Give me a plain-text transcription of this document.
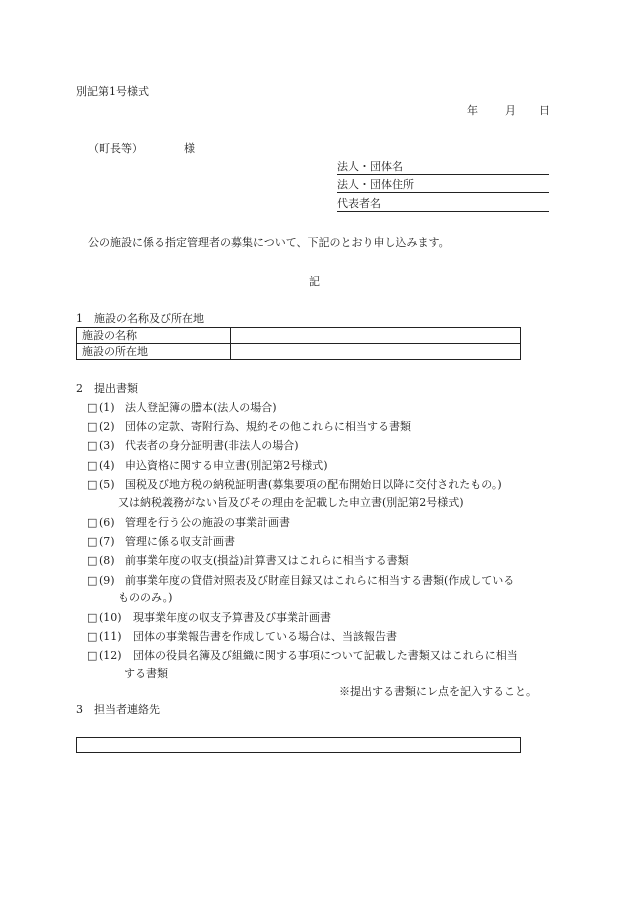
別記第1号様式
年 月 日
（町長等）	様
法人・団体名
法人・団体住所
代表者名
公の施設に係る指定管理者の募集について、下記のとおり申し込みます。
記
1　施設の名称及び所在地
施設の名称	
施設の所在地	
2　提出書類
□ (1) 法人登記簿の謄本(法人の場合)
□ (2) 団体の定款、寄附行為、規約その他これらに相当する書類
□ (3) 代表者の身分証明書(非法人の場合)
□ (4) 申込資格に関する申立書(別記第2号様式)
□ (5) 国税及び地方税の納税証明書(募集要項の配布開始日以降に交付されたもの。)
又は納税義務がない旨及びその理由を記載した申立書(別記第2号様式)
□ (6) 管理を行う公の施設の事業計画書
□ (7) 管理に係る収支計画書
□ (8) 前事業年度の収支(損益)計算書又はこれらに相当する書類
□ (9) 前事業年度の貸借対照表及び財産目録又はこれらに相当する書類(作成している
もののみ。)
□ (10) 現事業年度の収支予算書及び事業計画書
□ (11) 団体の事業報告書を作成している場合は、当該報告書
□ (12) 団体の役員名簿及び組織に関する事項について記載した書類又はこれらに相当
する書類
※提出する書類にレ点を記入すること。
3　担当者連絡先
